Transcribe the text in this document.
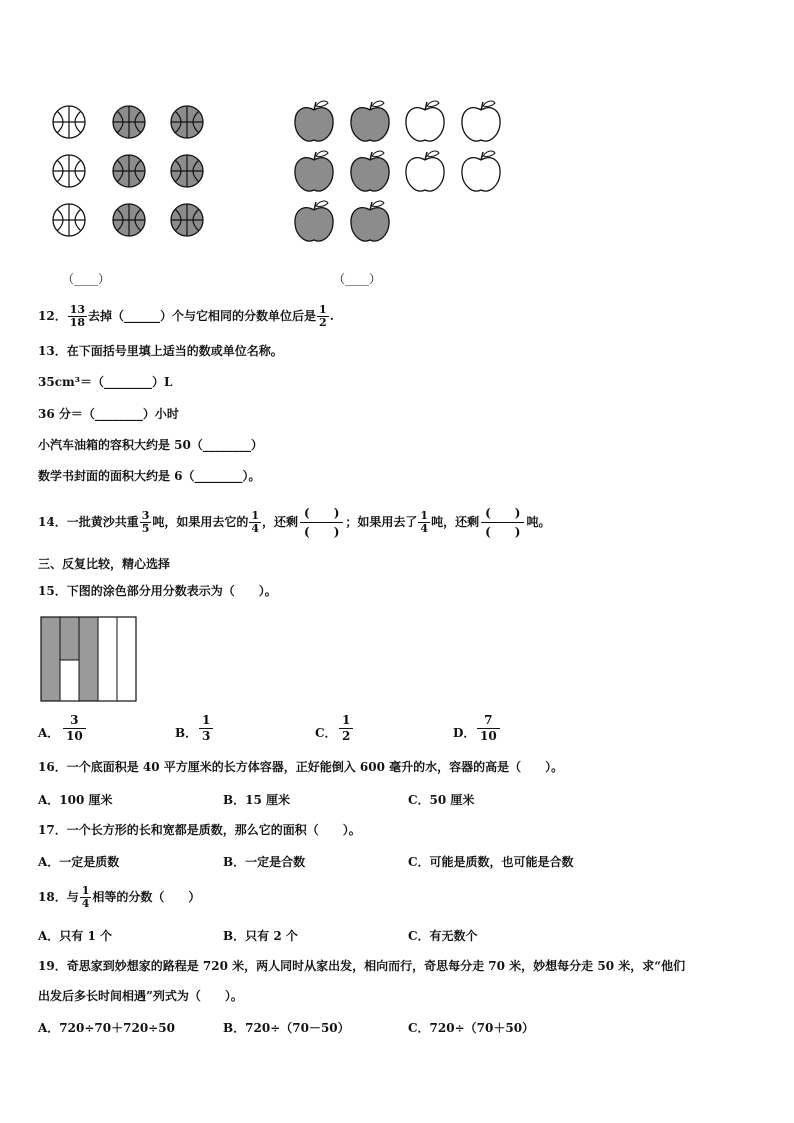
（____）	（____）
12． $\frac{13}{18}$ 去掉（______）个与它相同的分数单位后是 $\frac{1}{2}$ .
13．在下面括号里填上适当的数或单位名称。
35cm³＝（________）L
36 分＝（________）小时
小汽车油箱的容积大约是 50（________）
数学书封面的面积大约是 6（________）。
14．一批黄沙共重 $\frac{3}{5}$ 吨，如果用去它的 $\frac{1}{4}$ ，还剩 $\frac{( )}{( )}$ ；如果用去了 $\frac{1}{4}$ 吨，还剩 $\frac{( )}{( )}$ 吨。
三、反复比较，精心选择
15．下图的涂色部分用分数表示为（　　）。
A． $\frac{3}{10}$	B． $\frac{1}{3}$	C． $\frac{1}{2}$	D． $\frac{7}{10}$
16．一个底面积是 40 平方厘米的长方体容器，正好能倒入 600 毫升的水，容器的高是（　　）。
A．100 厘米	B．15 厘米	C．50 厘米
17．一个长方形的长和宽都是质数，那么它的面积（　　）。
A．一定是质数	B．一定是合数	C．可能是质数，也可能是合数
18．与 $\frac{1}{4}$ 相等的分数（　　）
A．只有 1 个	B．只有 2 个	C．有无数个
19．奇思家到妙想家的路程是 720 米，两人同时从家出发，相向而行，奇思每分走 70 米，妙想每分走 50 米，求“他们
出发后多长时间相遇”列式为（　　）。
A．720÷70＋720÷50	B．720÷（70－50）	C．720÷（70＋50）
